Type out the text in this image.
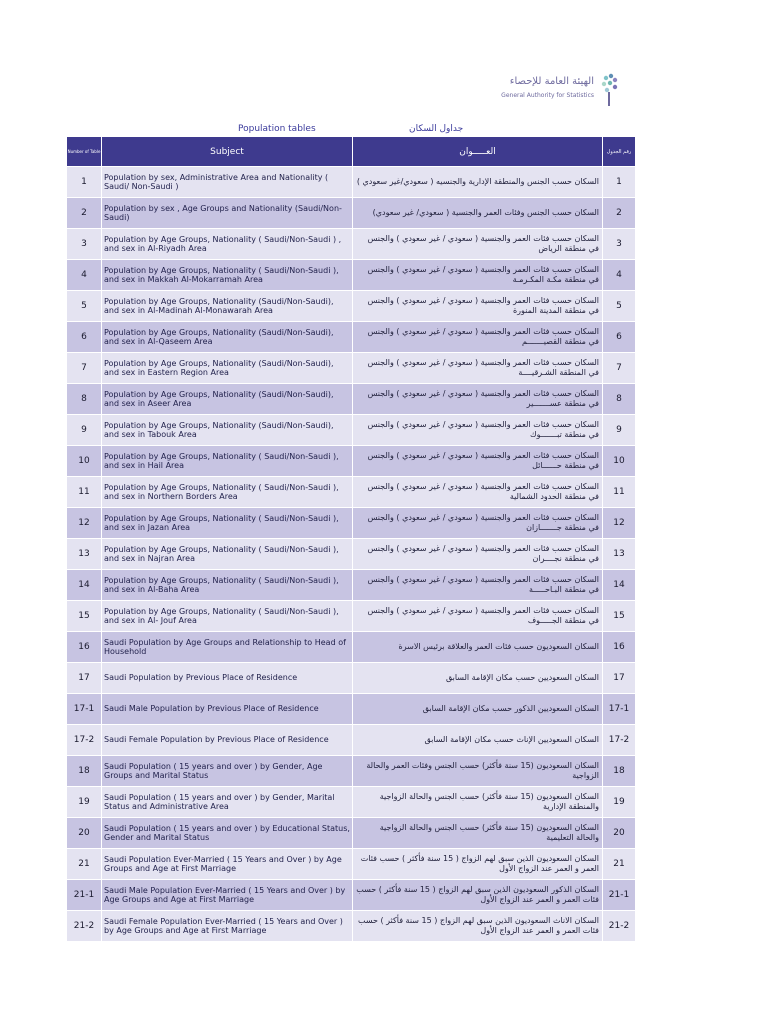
الهيئة العامة للإحصاء
General Authority for Statistics
Population tables	جداول السكان
Number of Table	Subject	العـــــوان	رقم الجدول
1	Population by sex, Administrative Area and Nationality ( Saudi/ Non-Saudi )	السكان حسب الجنس والمنطقة الإدارية والجنسيه ( سعودي/غير سعودي )	1
2	Population by sex , Age Groups and Nationality (Saudi/Non-Saudi)	السكان حسب الجنس وفئات العمر والجنسية ( سعودي/ غير سعودي)	2
3	Population by Age Groups, Nationality ( Saudi/Non-Saudi ) , and sex in Al-Riyadh Area	السكان حسب فئات العمر والجنسية ( سعودي / غير سعودي ) والجنس في منطقة الرياض	3
4	Population by Age Groups, Nationality ( Saudi/Non-Saudi ), and sex in Makkah Al-Mokarramah Area	السكان حسب فئات العمر والجنسية ( سعودي / غير سعودي ) والجنس في منطقة مكـة المكـرمـة	4
5	Population by Age Groups, Nationality (Saudi/Non-Saudi), and sex in Al-Madinah Al-Monawarah Area	السكان حسب فئات العمر والجنسية ( سعودي / غير سعودي ) والجنس في منطقة المدينة المنورة	5
6	Population by Age Groups, Nationality (Saudi/Non-Saudi), and sex in Al-Qaseem Area	السكان حسب فئات العمر والجنسية ( سعودي / غير سعودي ) والجنس في منطقة القصيـــــــم	6
7	Population by Age Groups, Nationality (Saudi/Non-Saudi), and sex in Eastern Region Area	السكان حسب فئات العمر والجنسية ( سعودي / غير سعودي ) والجنس في المنطقة الشـرقيــــة	7
8	Population by Age Groups, Nationality (Saudi/Non-Saudi), and sex in Aseer Area	السكان حسب فئات العمر والجنسية ( سعودي / غير سعودي ) والجنس في منطقة عســـــــير	8
9	Population by Age Groups, Nationality (Saudi/Non-Saudi), and sex in Tabouk Area	السكان حسب فئات العمر والجنسية ( سعودي / غير سعودي ) والجنس في منطقة تبـــــــوك	9
10	Population by Age Groups, Nationality ( Saudi/Non-Saudi ), and sex in Hail Area	السكان حسب فئات العمر والجنسية ( سعودي / غير سعودي ) والجنس في منطقة حــــــائل	10
11	Population by Age Groups, Nationality ( Saudi/Non-Saudi ), and sex in Northern Borders Area	السكان حسب فئات العمر والجنسية ( سعودي / غير سعودي ) والجنس في منطقة الحدود الشمالية	11
12	Population by Age Groups, Nationality ( Saudi/Non-Saudi ), and sex in Jazan Area	السكان حسب فئات العمر والجنسية ( سعودي / غير سعودي ) والجنس في منطقة جـــــــازان	12
13	Population by Age Groups, Nationality ( Saudi/Non-Saudi ), and sex in Najran Area	السكان حسب فئات العمر والجنسية ( سعودي / غير سعودي ) والجنس في منطقة نجــــران	13
14	Population by Age Groups, Nationality ( Saudi/Non-Saudi ), and sex in Al-Baha Area	السكان حسب فئات العمر والجنسية ( سعودي / غير سعودي ) والجنس في منطقة البـاحـــــة	14
15	Population by Age Groups, Nationality ( Saudi/Non-Saudi ), and sex in Al- Jouf Area	السكان حسب فئات العمر والجنسية ( سعودي / غير سعودي ) والجنس في منطقة الجـــــوف	15
16	Saudi Population by Age Groups and Relationship to Head of Household	السكان السعوديون حسب فئات العمر والعلاقة برئيس الاسرة	16
17	Saudi Population by Previous Place of Residence	السكان السعوديين حسب مكان الإقامة السابق	17
17-1	Saudi Male Population by Previous Place of Residence	السكان السعوديين الذكور حسب مكان الإقامة السابق	17-1
17-2	Saudi Female Population by Previous Place of Residence	السكان السعوديين الإناث حسب مكان الإقامة السابق	17-2
18	Saudi Population ( 15 years and over ) by Gender, Age Groups and Marital Status	السكان السعوديون (15 سنة فأكثر) حسب الجنس وفئات العمر والحالة الزواجية	18
19	Saudi Population ( 15 years and over ) by Gender, Marital Status and Administrative Area	السكان السعوديون (15 سنة فأكثر) حسب الجنس والحالة الزواجية والمنطقة الإدارية	19
20	Saudi Population ( 15 years and over ) by Educational Status, Gender and Marital Status	السكان السعوديون (15 سنة فأكثر) حسب الجنس والحالة الزواجية والحالة التعليمية	20
21	Saudi Population Ever-Married ( 15 Years and Over ) by Age Groups and Age at First Marriage	السكان السعوديون الذين سبق لهم الزواج ( 15 سنة فأكثر ) حسب فئات العمر و العمر عند الزواج الأول	21
21-1	Saudi Male Population Ever-Married ( 15 Years and Over ) by Age Groups and Age at First Marriage	السكان الذكور السعوديون الذين سبق لهم الزواج ( 15 سنة فأكثر ) حسب فئات العمر و العمر عند الزواج الأول	21-1
21-2	Saudi Female Population Ever-Married ( 15 Years and Over ) by Age Groups and Age at First Marriage	السكان الاناث السعوديون الذين سبق لهم الزواج ( 15 سنة فأكثر ) حسب فئات العمر و العمر عند الزواج الأول	21-2
